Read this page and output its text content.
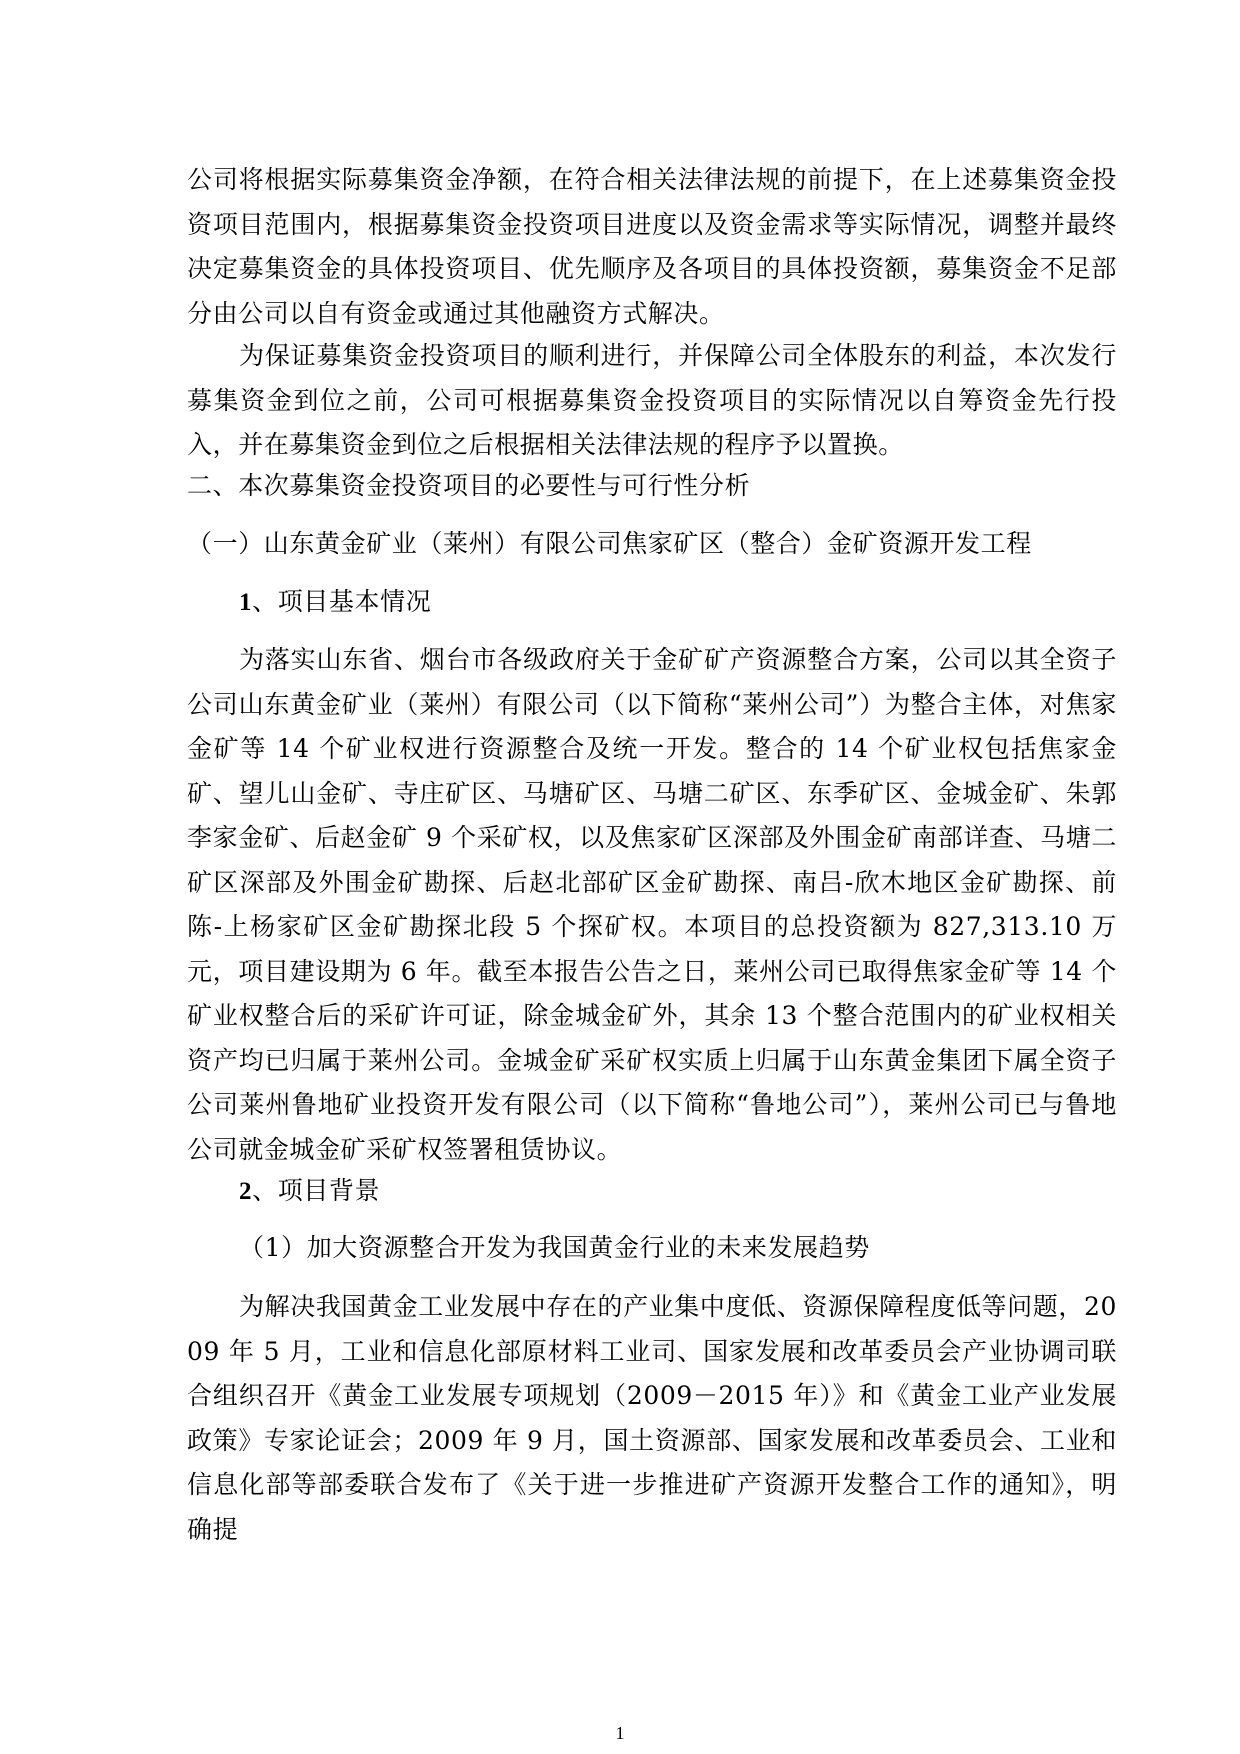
公司将根据实际募集资金净额，在符合相关法律法规的前提下，在上述募集资金投资项目范围内，根据募集资金投资项目进度以及资金需求等实际情况，调整并最终决定募集资金的具体投资项目、优先顺序及各项目的具体投资额，募集资金不足部分由公司以自有资金或通过其他融资方式解决。

为保证募集资金投资项目的顺利进行，并保障公司全体股东的利益，本次发行募集资金到位之前，公司可根据募集资金投资项目的实际情况以自筹资金先行投入，并在募集资金到位之后根据相关法律法规的程序予以置换。

二、本次募集资金投资项目的必要性与可行性分析

（一）山东黄金矿业（莱州）有限公司焦家矿区（整合）金矿资源开发工程

1、项目基本情况

为落实山东省、烟台市各级政府关于金矿矿产资源整合方案，公司以其全资子公司山东黄金矿业（莱州）有限公司（以下简称“莱州公司”）为整合主体，对焦家金矿等 14 个矿业权进行资源整合及统一开发。整合的 14 个矿业权包括焦家金矿、望儿山金矿、寺庄矿区、马塘矿区、马塘二矿区、东季矿区、金城金矿、朱郭李家金矿、后赵金矿 9 个采矿权，以及焦家矿区深部及外围金矿南部详查、马塘二矿区深部及外围金矿勘探、后赵北部矿区金矿勘探、南吕-欣木地区金矿勘探、前陈-上杨家矿区金矿勘探北段 5 个探矿权。本项目的总投资额为 827,313.10 万元，项目建设期为 6 年。截至本报告公告之日，莱州公司已取得焦家金矿等 14 个矿业权整合后的采矿许可证，除金城金矿外，其余 13 个整合范围内的矿业权相关资产均已归属于莱州公司。金城金矿采矿权实质上归属于山东黄金集团下属全资子公司莱州鲁地矿业投资开发有限公司（以下简称“鲁地公司”），莱州公司已与鲁地公司就金城金矿采矿权签署租赁协议。

2、项目背景

（1）加大资源整合开发为我国黄金行业的未来发展趋势

为解决我国黄金工业发展中存在的产业集中度低、资源保障程度低等问题，2009 年 5 月，工业和信息化部原材料工业司、国家发展和改革委员会产业协调司联合组织召开《黄金工业发展专项规划（2009－2015 年）》和《黄金工业产业发展政策》专家论证会；2009 年 9 月，国土资源部、国家发展和改革委员会、工业和信息化部等部委联合发布了《关于进一步推进矿产资源开发整合工作的通知》，明确提

1
